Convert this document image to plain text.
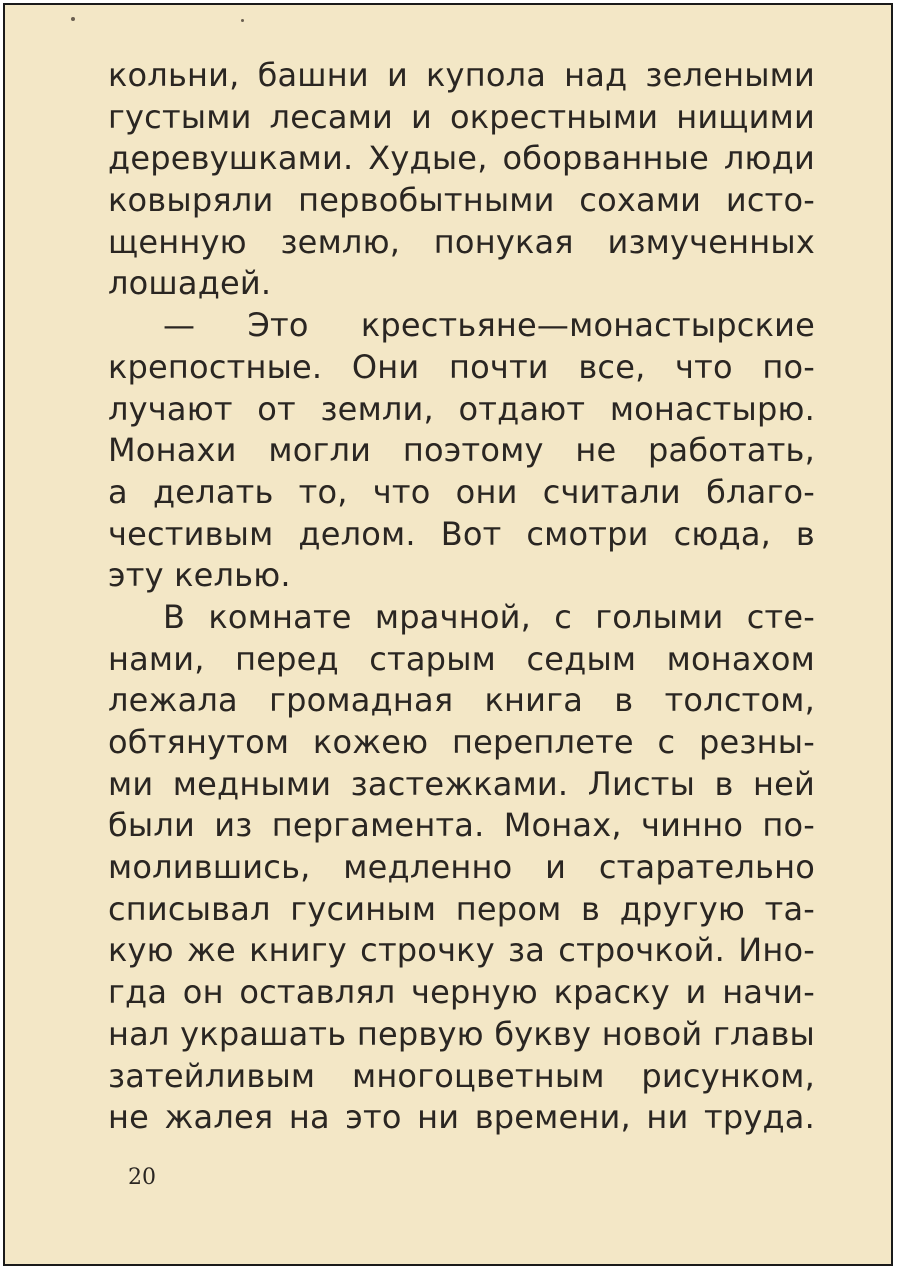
кольни, башни и купола над зелеными
густыми лесами и окрестными нищими
деревушками. Худые, оборванные люди
ковыряли первобытными сохами исто-
щенную землю, понукая измученных
лошадей.
— Это крестьяне—монастырские
крепостные. Они почти все, что по-
лучают от земли, отдают монастырю.
Монахи могли поэтому не работать,
а делать то, что они считали благо-
честивым делом. Вот смотри сюда, в
эту келью.
В комнате мрачной, с голыми сте-
нами, перед старым седым монахом
лежала громадная книга в толстом,
обтянутом кожею переплете с резны-
ми медными застежками. Листы в ней
были из пергамента. Монах, чинно по-
молившись, медленно и старательно
списывал гусиным пером в другую та-
кую же книгу строчку за строчкой. Ино-
гда он оставлял черную краску и начи-
нал украшать первую букву новой главы
затейливым многоцветным рисунком,
не жалея на это ни времени, ни труда.
20
